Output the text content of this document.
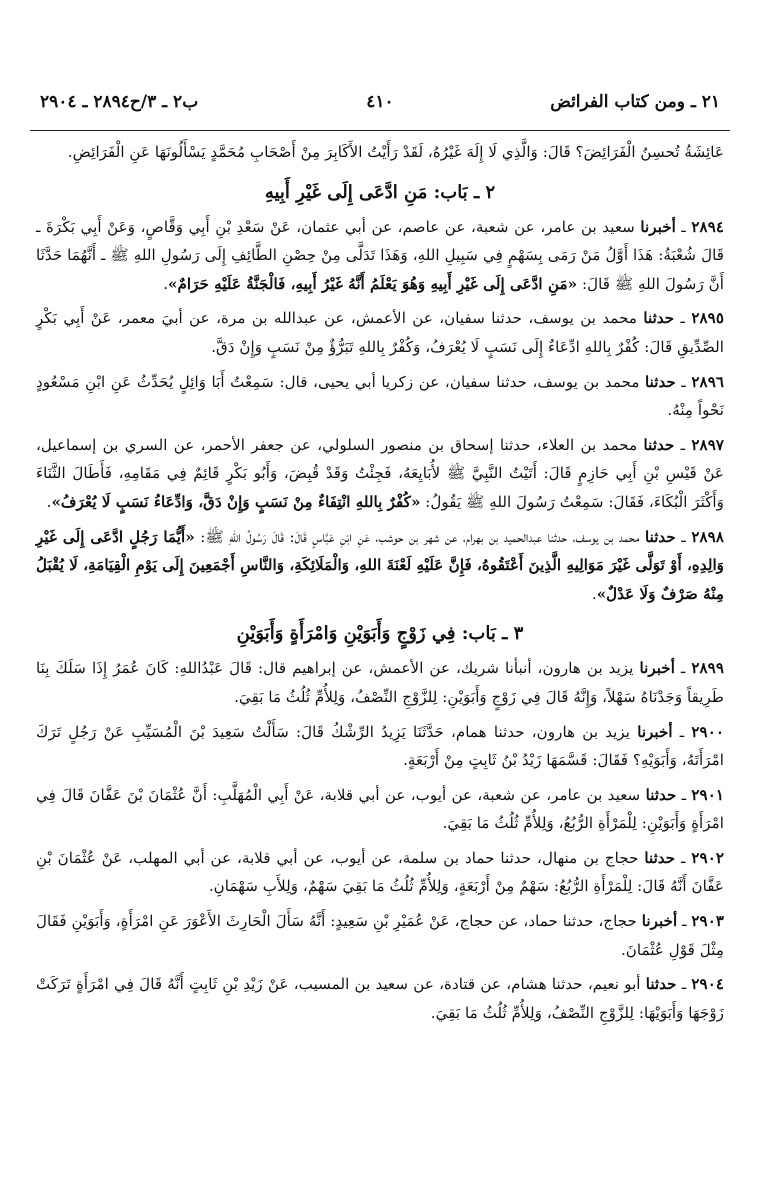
٢١ ـ ومن كتاب الفرائض
٤١٠
ب٢ ـ ٣/ح٢٨٩٤ ـ ٢٩٠٤

عَائِشَةُ تُحسِنُ الْفَرَائِضَ؟ قَالَ: وَالَّذِي لَا إِلَهَ غَيْرُهُ، لَقَدْ رَأَيْتُ الأَكَابِرَ مِنْ أَصْحَابِ مُحَمَّدٍ يَسْأَلُونَهَا عَنِ الْفَرَائِضِ.

٢ ـ بَاب: مَنِ ادَّعَى إِلَى غَيْرِ أَبِيهِ

٢٨٩٤ ـ أخبرنا سعيد بن عامر، عن شعبة، عن عاصم، عن أبي عثمان، عَنْ سَعْدِ بْنِ أَبِي وَقَّاصٍ، وَعَنْ أَبِي بَكْرَةَ ـ قَالَ شُعْبَةُ: هَذَا أَوَّلُ مَنْ رَمَى بِسَهْمٍ فِي سَبِيلِ اللهِ، وَهَذَا تَدَلَّى مِنْ حِصْنِ الطَّائِفِ إِلَى رَسُولِ اللهِ ﷺ ـ أَنَّهُمَا حَدَّثَا أَنَّ رَسُولَ اللهِ ﷺ قَالَ: «مَنِ ادَّعَى إِلَى غَيْرِ أَبِيهِ وَهُوَ يَعْلَمُ أَنَّهُ غَيْرُ أَبِيهِ، فَالْجَنَّةُ عَلَيْهِ حَرَامٌ».

٢٨٩٥ ـ حدثنا محمد بن يوسف، حدثنا سفيان، عن الأعمش، عن عبدالله بن مرة، عن أبيَ معمر، عَنْ أَبِي بَكْرٍ الصِّدِّيقِ قَالَ: كُفْرٌ بِاللهِ ادِّعَاءٌ إِلَى نَسَبٍ لَا يُعْرَفُ، وَكُفْرٌ بِاللهِ تَبَرُّؤٌ مِنْ نَسَبٍ وَإِنْ دَقَّ.

٢٨٩٦ ـ حدثنا محمد بن يوسف، حدثنا سفيان، عن زكريا أبي يحيى، قال: سَمِعْتُ أَبَا وَائِلٍ يُحَدِّثُ عَنِ ابْنِ مَسْعُودٍ نَحْواً مِنْهُ.

٢٨٩٧ ـ حدثنا محمد بن العلاء، حدثنا إسحاق بن منصور السلولي، عن جعفر الأحمر، عن السري بن إسماعيل، عَنْ قَيْسِ بْنِ أَبِي حَازِمٍ قَالَ: أَتَيْتُ النَّبِيَّ ﷺ لأُبَايِعَهُ، فَجِئْتُ وَقَدْ قُبِضَ، وَأَبُو بَكْرٍ قَائِمٌ فِي مَقَامِهِ، فَأَطَالَ الثَّنَاءَ وَأَكْثَرَ الْبُكَاءَ، فَقَالَ: سَمِعْتُ رَسُولَ اللهِ ﷺ يَقُولُ: «كُفْرٌ بِاللهِ انْتِفَاءٌ مِنْ نَسَبٍ وَإِنْ دَقَّ، وَادِّعَاءُ نَسَبٍ لَا يُعْرَفُ».

٢٨٩٨ ـ حدثنا محمد بن يوسف، حدثنا عبدالحميد بن بهرام، عن شهر بن حوشب، عَنِ ابْنِ عَبَّاسٍ قَالَ: قَالَ رَسُولُ اللهِ ﷺ: «أَيُّمَا رَجُلٍ ادَّعَى إِلَى غَيْرِ وَالِدِهِ، أَوْ تَوَلَّى غَيْرَ مَوَالِيهِ الَّذِينَ أَعْتَقُوهُ، فَإِنَّ عَلَيْهِ لَعْنَةَ اللهِ، وَالْمَلَائِكَةِ، وَالنَّاسِ أَجْمَعِينَ إِلَى يَوْمِ الْقِيَامَةِ، لَا يُقْبَلُ مِنْهُ صَرْفٌ وَلَا عَدْلٌ».

٣ ـ بَاب: فِي زَوْجٍ وَأَبَوَيْنِ وَامْرَأَةٍ وَأَبَوَيْنِ

٢٨٩٩ ـ أخبرنا يزيد بن هارون، أنبأنا شريك، عن الأعمش، عن إبراهيم قال: قَالَ عَبْدُاللهِ: كَانَ عُمَرُ إِذَا سَلَكَ بِنَا طَرِيقاً وَجَدْنَاهُ سَهْلاً، وَإِنَّهُ قَالَ فِي زَوْجٍ وَأَبَوَيْنِ: لِلزَّوْجِ النِّصْفُ، وَلِلأُمِّ ثُلُثُ مَا بَقِيَ.

٢٩٠٠ ـ أخبرنا يزيد بن هارون، حدثنا همام، حَدَّثَنَا يَزِيدُ الرِّشْكُ قَالَ: سَأَلْتُ سَعِيدَ بْنَ الْمُسَيِّبِ عَنْ رَجُلٍ تَرَكَ امْرَأَتَهُ، وَأَبَوَيْهِ؟ فَقَالَ: قَسَّمَهَا زَيْدُ بْنُ ثَابِتٍ مِنْ أَرْبَعَةٍ.

٢٩٠١ ـ حدثنا سعيد بن عامر، عن شعبة، عن أيوب، عن أبي قلابة، عَنْ أَبِي الْمُهَلَّبِ: أَنَّ عُثْمَانَ بْنَ عَفَّانَ قَالَ فِي امْرَأَةٍ وَأَبَوَيْنِ: لِلْمَرْأَةِ الرُّبُعُ، وَلِلأُمِّ ثُلُثُ مَا بَقِيَ.

٢٩٠٢ ـ حدثنا حجاج بن منهال، حدثنا حماد بن سلمة، عن أيوب، عن أبي قلابة، عن أبي المهلب، عَنْ عُثْمَانَ بْنِ عَفَّانَ أَنَّهُ قَالَ: لِلْمَرْأَةِ الرُّبُعُ: سَهْمٌ مِنْ أَرْبَعَةٍ، وَلِلأُمِّ ثُلُثُ مَا بَقِيَ سَهْمٌ، وَلِلأَبِ سَهْمَانِ.

٢٩٠٣ ـ أخبرنا حجاج، حدثنا حماد، عن حجاج، عَنْ عُمَيْرِ بْنِ سَعِيدٍ: أَنَّهُ سَأَلَ الْحَارِثَ الأَعْوَرَ عَنِ امْرَأَةٍ، وَأَبَوَيْنِ فَقَالَ مِثْلَ قَوْلِ عُثْمَانَ.

٢٩٠٤ ـ حدثنا أبو نعيم، حدثنا هشام، عن قتادة، عن سعيد بن المسيب، عَنْ زَيْدِ بْنِ ثَابِتٍ أَنَّهُ قَالَ فِي امْرَأَةٍ تَرَكَتْ زَوْجَهَا وَأَبَوَيْهَا: لِلزَّوْجِ النِّصْفُ، وَلِلأُمِّ ثُلُثُ مَا بَقِيَ.
